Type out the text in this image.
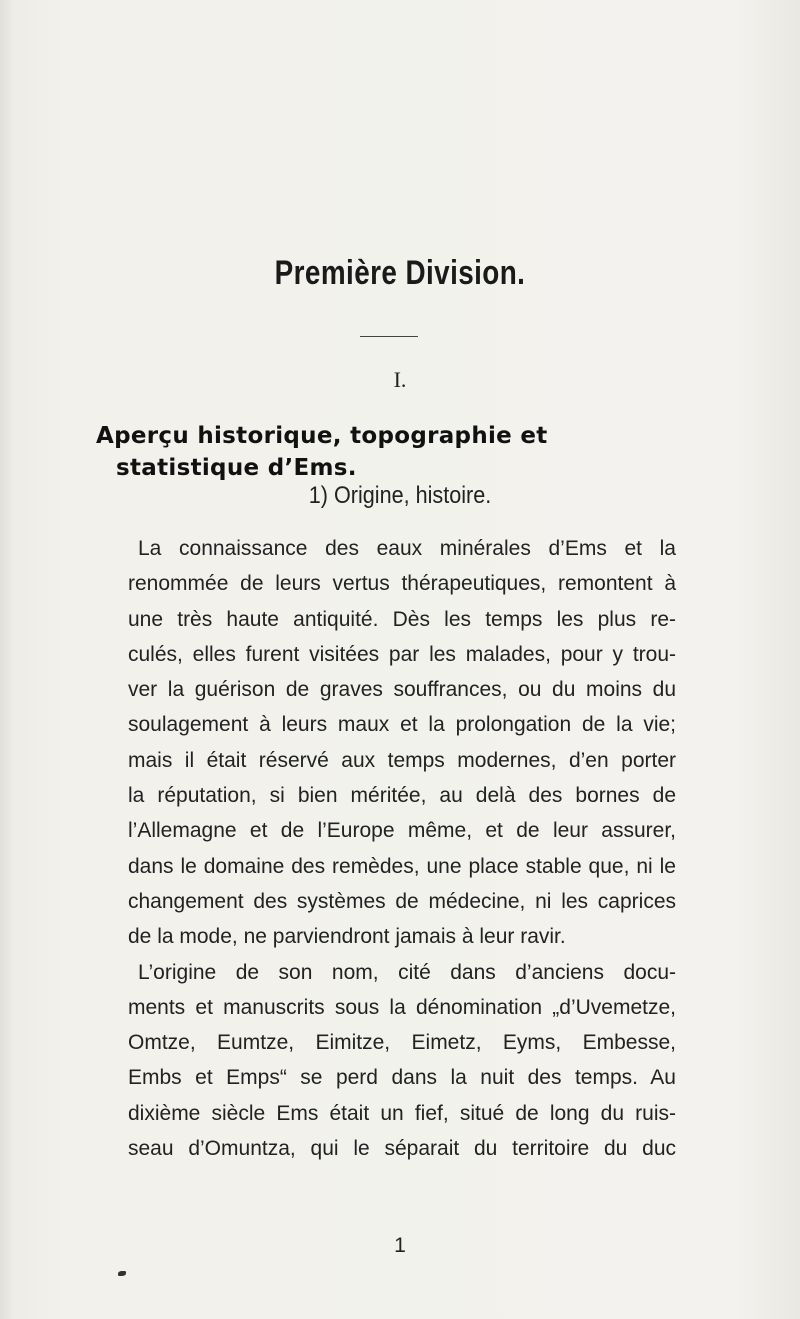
Première Division.
I.
Aperçu historique, topographie et
statistique d’Ems.
1) Origine, histoire.
La connaissance des eaux minérales d’Ems et la
renommée de leurs vertus thérapeutiques, remontent à
une très haute antiquité. Dès les temps les plus re-
culés, elles furent visitées par les malades, pour y trou-
ver la guérison de graves souffrances, ou du moins du
soulagement à leurs maux et la prolongation de la vie;
mais il était réservé aux temps modernes, d’en porter
la réputation, si bien méritée, au delà des bornes de
l’Allemagne et de l’Europe même, et de leur assurer,
dans le domaine des remèdes, une place stable que, ni le
changement des systèmes de médecine, ni les caprices
de la mode, ne parviendront jamais à leur ravir.
L’origine de son nom, cité dans d’anciens docu-
ments et manuscrits sous la dénomination „d’Uvemetze,
Omtze, Eumtze, Eimitze, Eimetz, Eyms, Embesse,
Embs et Emps“ se perd dans la nuit des temps. Au
dixième siècle Ems était un fief, situé de long du ruis-
seau d’Omuntza, qui le séparait du territoire du duc
1
